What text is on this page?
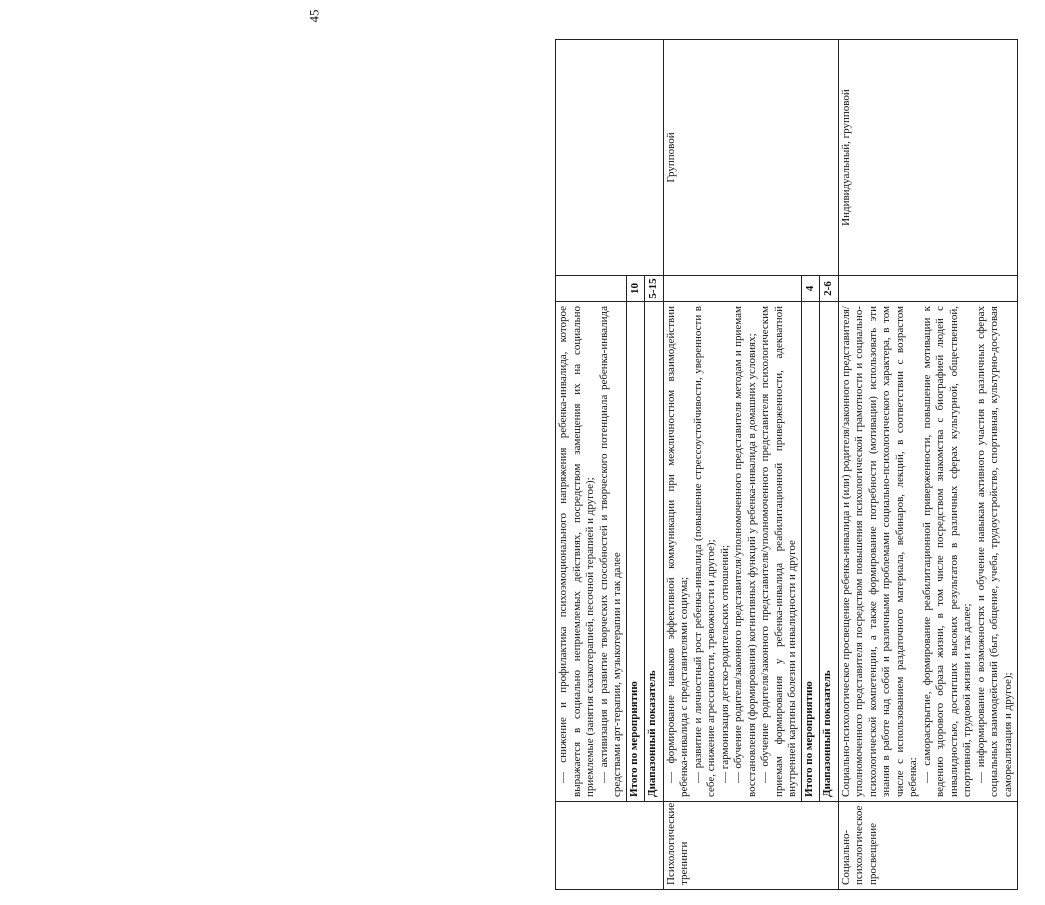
45

	— снижение и профилактика психоэмоционального напряжения ребенка-инвалида, которое выражается в социально неприемлемых действиях, посредством замещения их на социально приемлемые (занятия сказкотерапией, песочной терапией и другое); — активизация и развитие творческих способностей и творческого потенциала ребенка-инвалида средствами арт-терапии, музыкотерапии и так далее		

	Итого по мероприятию	10	
	Диапазонный показатель	5-15	
Психологические тренинги	— формирование навыков эффективной коммуникации при межличностном взаимодействии ребенка-инвалида с представителями социума; — развитие и личностный рост ребенка-инвалида (повышение стрессоустойчивости, уверенности в себе, снижение агрессивности, тревожности и другое); — гармонизация детско-родительских отношений; — обучение родителя/законного представителя/уполномоченного представителя методам и приемам восстановления (формирования) когнитивных функций у ребенка-инвалида в домашних условиях; — обучение родителя/законного представителя/уполномоченного представителя психологическим приемам формирования у ребенка-инвалида реабилитационной приверженности, адекватной внутренней картины болезни и инвалидности и другое		Групповой
	Итого по мероприятию	4	
	Диапазонный показатель	2-6	
Социально-психологическое просвещение	Социально-психологическое просвещение ребенка-инвалида и (или) родителя/законного представителя/уполномоченного представителя посредством повышения психологической грамотности и социально-психологической компетенции, а также формирование потребности (мотивации) использовать эти знания в работе над собой и различными проблемами социально-психологического характера, в том числе с использованием раздаточного материала, вебинаров, лекций, в соответствии с возрастом ребенка: — самораскрытие, формирование реабилитационной приверженности, повышение мотивации к ведению здорового образа жизни, в том числе посредством знакомства с биографией людей с инвалидностью, достигших высоких результатов в различных сферах культурной, общественной, спортивной, трудовой жизни и так далее; — информирование о возможностях и обучение навыкам активного участия в различных сферах социальных взаимодействий (быт, общение, учеба, трудоустройство, спортивная, культурно-досуговая самореализация и другое);		Индивидуальный, групповой
